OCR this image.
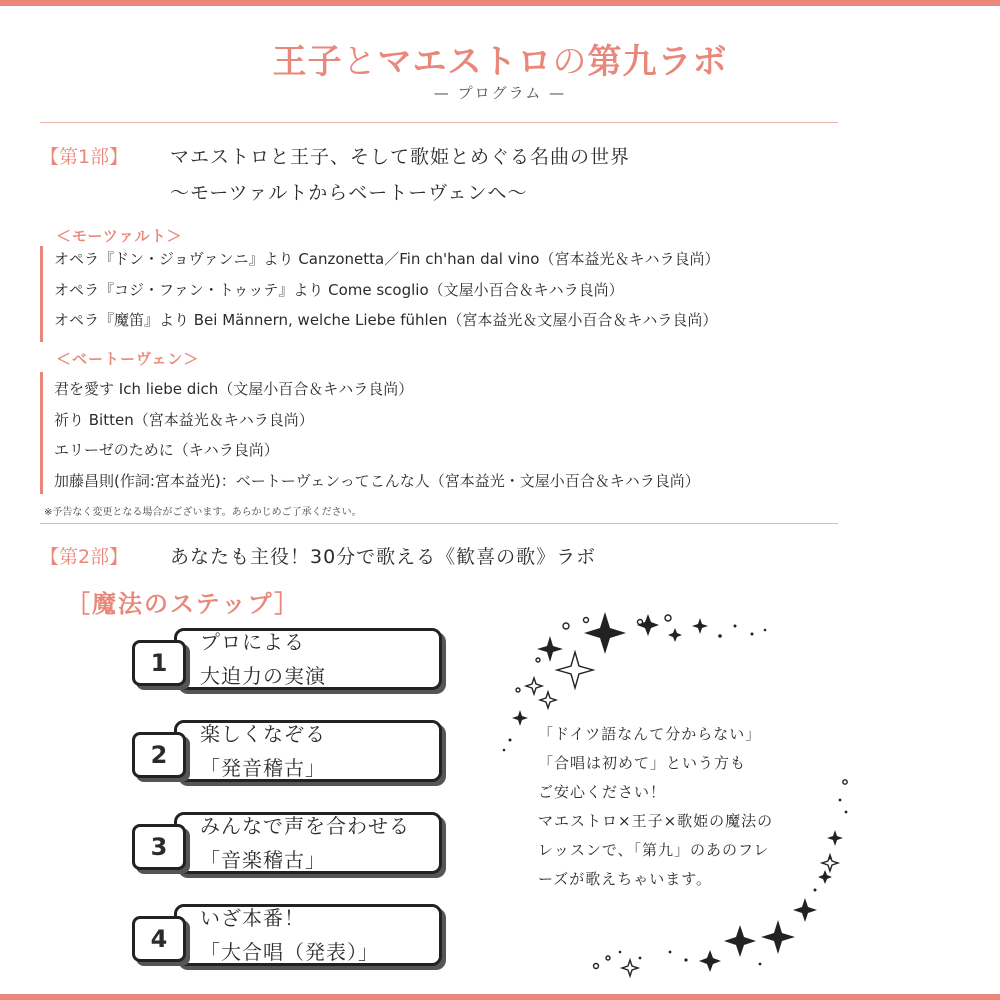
王子とマエストロの第九ラボ
— プログラム —
【第1部】 マエストロと王子、そして歌姫とめぐる名曲の世界
～モーツァルトからベートーヴェンへ～
＜モーツァルト＞
オペラ『ドン・ジョヴァンニ』より Canzonetta／Fin ch'han dal vino（宮本益光＆キハラ良尚）
オペラ『コジ・ファン・トゥッテ』より Come scoglio（文屋小百合＆キハラ良尚）
オペラ『魔笛』より Bei Männern, welche Liebe fühlen（宮本益光＆文屋小百合＆キハラ良尚）
＜ベートーヴェン＞
君を愛す Ich liebe dich（文屋小百合＆キハラ良尚）
祈り Bitten（宮本益光＆キハラ良尚）
エリーゼのために（キハラ良尚）
加藤昌則(作詞:宮本益光)：ベートーヴェンってこんな人（宮本益光・文屋小百合＆キハラ良尚）
※予告なく変更となる場合がございます。あらかじめご了承ください。
【第2部】 あなたも主役！30分で歌える《歓喜の歌》ラボ
［魔法のステップ］
1
プロによる
大迫力の実演
2
楽しくなぞる
「発音稽古」
3
みんなで声を合わせる
「音楽稽古」
4
いざ本番！
「大合唱（発表）」
「ドイツ語なんて分からない」
「合唱は初めて」という方も
ご安心ください！
マエストロ×王子×歌姫の魔法の
レッスンで、「第九」のあのフレ
ーズが歌えちゃいます。
